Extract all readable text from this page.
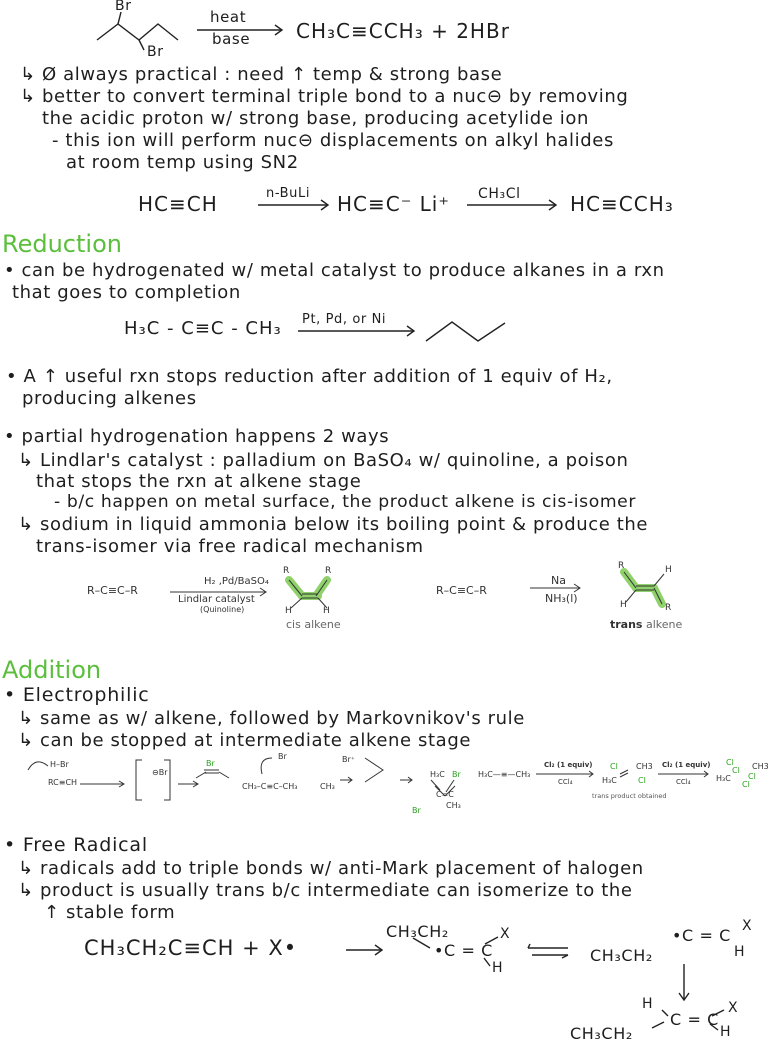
Br
Br
heat
base CH₃C≡CCH₃ + 2HBr
↳ Ø always practical : need ↑ temp & strong base
↳ better to convert terminal triple bond to a nuc⊖ by removing
the acidic proton w/ strong base, producing acetylide ion
- this ion will perform nuc⊖ displacements on alkyl halides
at room temp using SN2
HC≡CH	n-BuLi HC≡C⁻ Li⁺ CH₃Cl HC≡CCH₃
Reduction
• can be hydrogenated w/ metal catalyst to produce alkanes in a rxn
that goes to completion
H₃C - C≡C - CH₃ Pt, Pd, or Ni
• A ↑ useful rxn stops reduction after addition of 1 equiv of H₂,
producing alkenes
• partial hydrogenation happens 2 ways
↳ Lindlar's catalyst : palladium on BaSO₄ w/ quinoline, a poison
that stops the rxn at alkene stage
- b/c happen on metal surface, the product alkene is cis-isomer
↳ sodium in liquid ammonia below its boiling point & produce the
trans-isomer via free radical mechanism
R–C≡C–R
H₂ ,Pd/BaSO₄
Lindlar catalyst
(Quinoline)
R	R
H	H
cis alkene
R–C≡C–R
Na
NH₃(l)
R
R
H
H
trans alkene
Addition
• Electrophilic
↳ same as w/ alkene, followed by Markovnikov's rule
↳ can be stopped at intermediate alkene stage
RC≡CH
H–Br
⊖Br
Br
Br	Br⁺
CH₃
CH₃–C≡C–CH₃
H₃C
C=C
Br
Br
CH₃
H₃C—≡—CH₃
Cl₂ (1 equiv)
CCl₄
Cl CH3
H₃C	Cl
trans product obtained
Cl₂ (1 equiv)
CCl₄
Cl
Cl CH3
H₃C Cl
Cl
• Free Radical
↳ radicals add to triple bonds w/ anti-Mark placement of halogen
↳ product is usually trans b/c intermediate can isomerize to the
↑ stable form
CH₃CH₂C≡CH + X•
CH₃CH₂
•C = C
X
H
CH₃CH₂
•C = C X
H
H
C = C
X
H
CH₃CH₂
